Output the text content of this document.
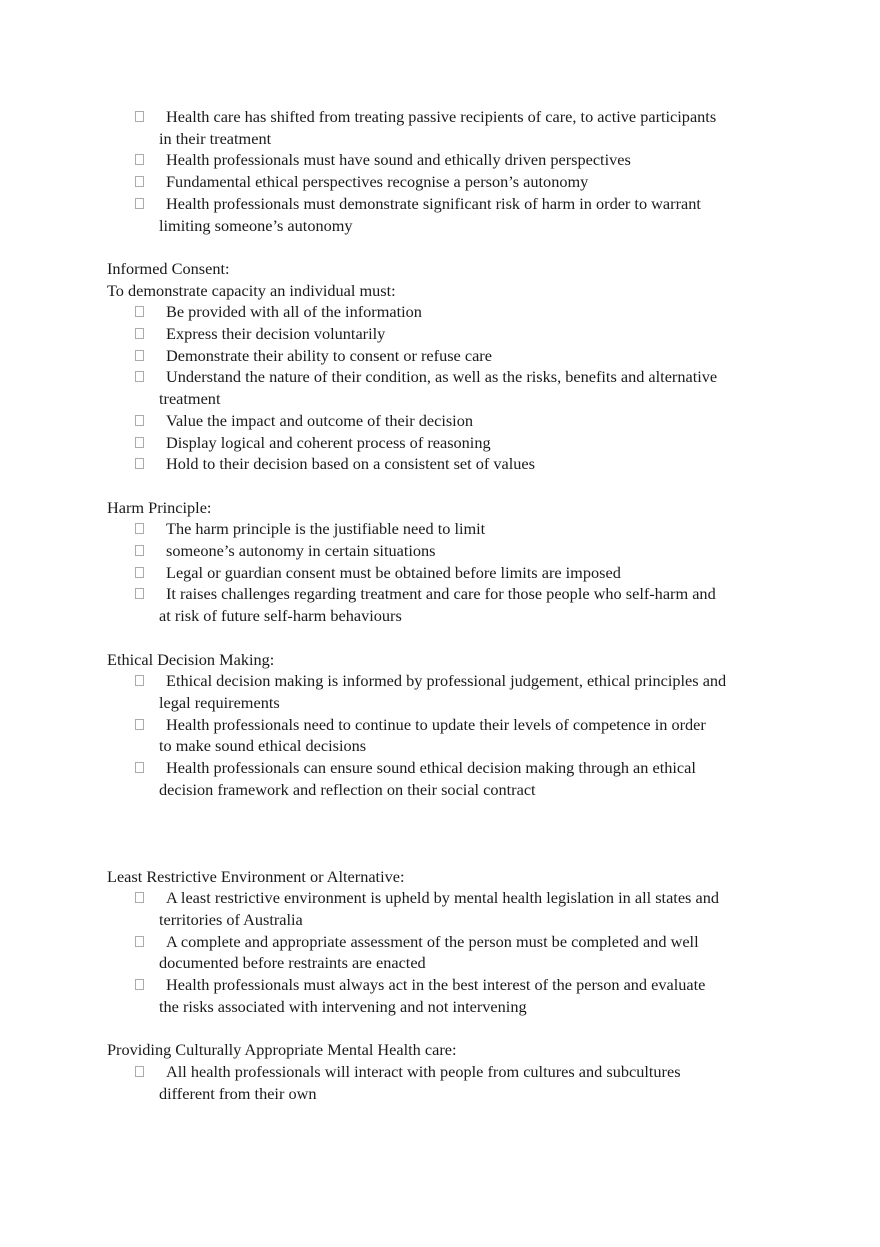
Health care has shifted from treating passive recipients of care, to active participants
in their treatment
Health professionals must have sound and ethically driven perspectives
Fundamental ethical perspectives recognise a person’s autonomy
Health professionals must demonstrate significant risk of harm in order to warrant
limiting someone’s autonomy
Informed Consent:
To demonstrate capacity an individual must:
Be provided with all of the information
Express their decision voluntarily
Demonstrate their ability to consent or refuse care
Understand the nature of their condition, as well as the risks, benefits and alternative
treatment
Value the impact and outcome of their decision
Display logical and coherent process of reasoning
Hold to their decision based on a consistent set of values
Harm Principle:
The harm principle is the justifiable need to limit
someone’s autonomy in certain situations
Legal or guardian consent must be obtained before limits are imposed
It raises challenges regarding treatment and care for those people who self-harm and
at risk of future self-harm behaviours
Ethical Decision Making:
Ethical decision making is informed by professional judgement, ethical principles and
legal requirements
Health professionals need to continue to update their levels of competence in order
to make sound ethical decisions
Health professionals can ensure sound ethical decision making through an ethical
decision framework and reflection on their social contract
Least Restrictive Environment or Alternative:
A least restrictive environment is upheld by mental health legislation in all states and
territories of Australia
A complete and appropriate assessment of the person must be completed and well
documented before restraints are enacted
Health professionals must always act in the best interest of the person and evaluate
the risks associated with intervening and not intervening
Providing Culturally Appropriate Mental Health care:
All health professionals will interact with people from cultures and subcultures
different from their own
